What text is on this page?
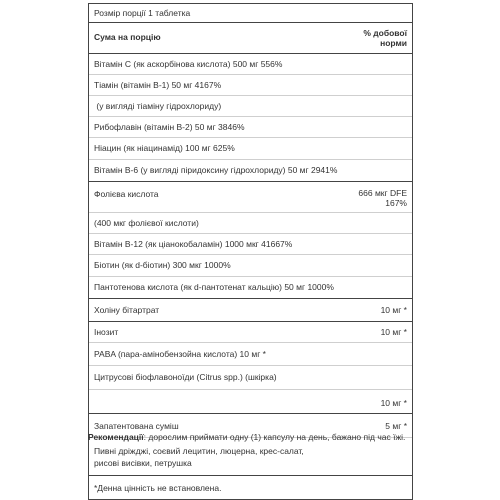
Розмір порції 1 таблетка
Сума на порцію	% добової
норми
Вітамін C (як аскорбінова кислота) 500 мг 556%
Тіамін (вітамін B-1) 50 мг 4167%
(у вигляді тіаміну гідрохлориду)
Рибофлавін (вітамін B-2) 50 мг 3846%
Ніацин (як ніацинамід) 100 мг 625%
Вітамін B-6 (у вигляді піридоксину гідрохлориду) 50 мг 2941%
Фолієва кислота	666 мкг DFE
167%
(400 мкг фолієвої кислоти)
Вітамін B-12 (як ціанокобаламін) 1000 мкг 41667%
Біотин (як d-біотин) 300 мкг 1000%
Пантотенова кислота (як d-пантотенат кальцію) 50 мг 1000%
Холіну бітартрат	10 мг *
Інозит	10 мг *
PABA (пара-амінобензойна кислота) 10 мг *
Цитрусові біофлавоноїди (Citrus spp.) (шкірка)
10 мг *
Запатентована суміш	5 мг *
Пивні дріжджі, соєвий лецитин, люцерна, крес-салат,
рисові висівки, петрушка
*Денна цінність не встановлена.
Рекомендації: дорослим приймати одну (1) капсулу на день, бажано під час їжі.
